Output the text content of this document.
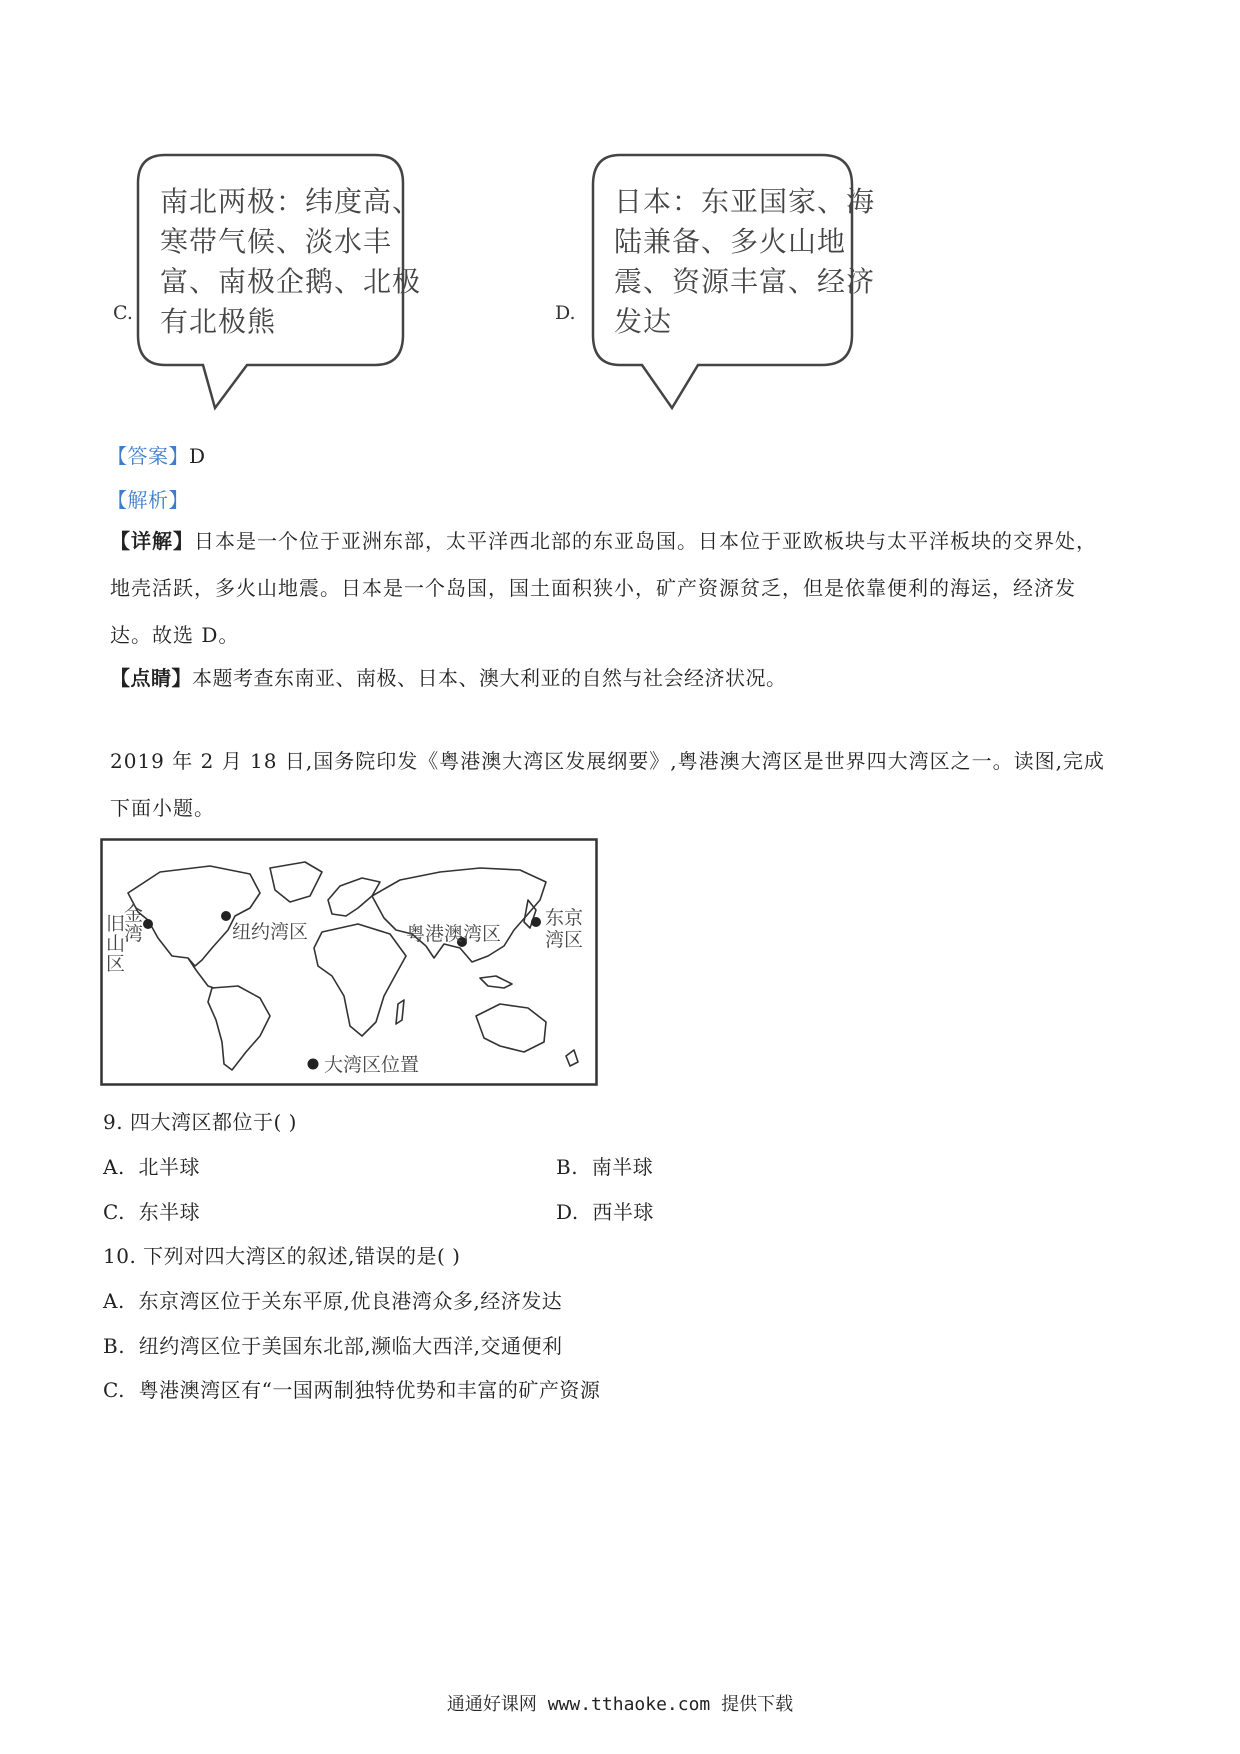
C.
南北两极：纬度高、
寒带气候、淡水丰
富、南极企鹅、北极
有北极熊	D.
日本：东亚国家、海
陆兼备、多火山地
震、资源丰富、经济
发达
【答案】D
【解析】
【详解】日本是一个位于亚洲东部，太平洋西北部的东亚岛国。日本位于亚欧板块与太平洋板块的交界处，
地壳活跃，多火山地震。日本是一个岛国，国土面积狭小，矿产资源贫乏，但是依靠便利的海运，经济发
达。故选 D。
【点睛】本题考查东南亚、南极、日本、澳大利亚的自然与社会经济状况。
2019 年 2 月 18 日,国务院印发《粤港澳大湾区发展纲要》,粤港澳大湾区是世界四大湾区之一。读图,完成
下面小题。
旧
金
山
湾
区
纽约湾区	粤港澳湾区
东京
湾区
大湾区位置
9. 四大湾区都位于( )
A. 北半球	B. 南半球
C. 东半球	D. 西半球
10. 下列对四大湾区的叙述,错误的是( )
A. 东京湾区位于关东平原,优良港湾众多,经济发达
B. 纽约湾区位于美国东北部,濒临大西洋,交通便利
C. 粤港澳湾区有“一国两制独特优势和丰富的矿产资源
通通好课网 www.tthaoke.com 提供下载
